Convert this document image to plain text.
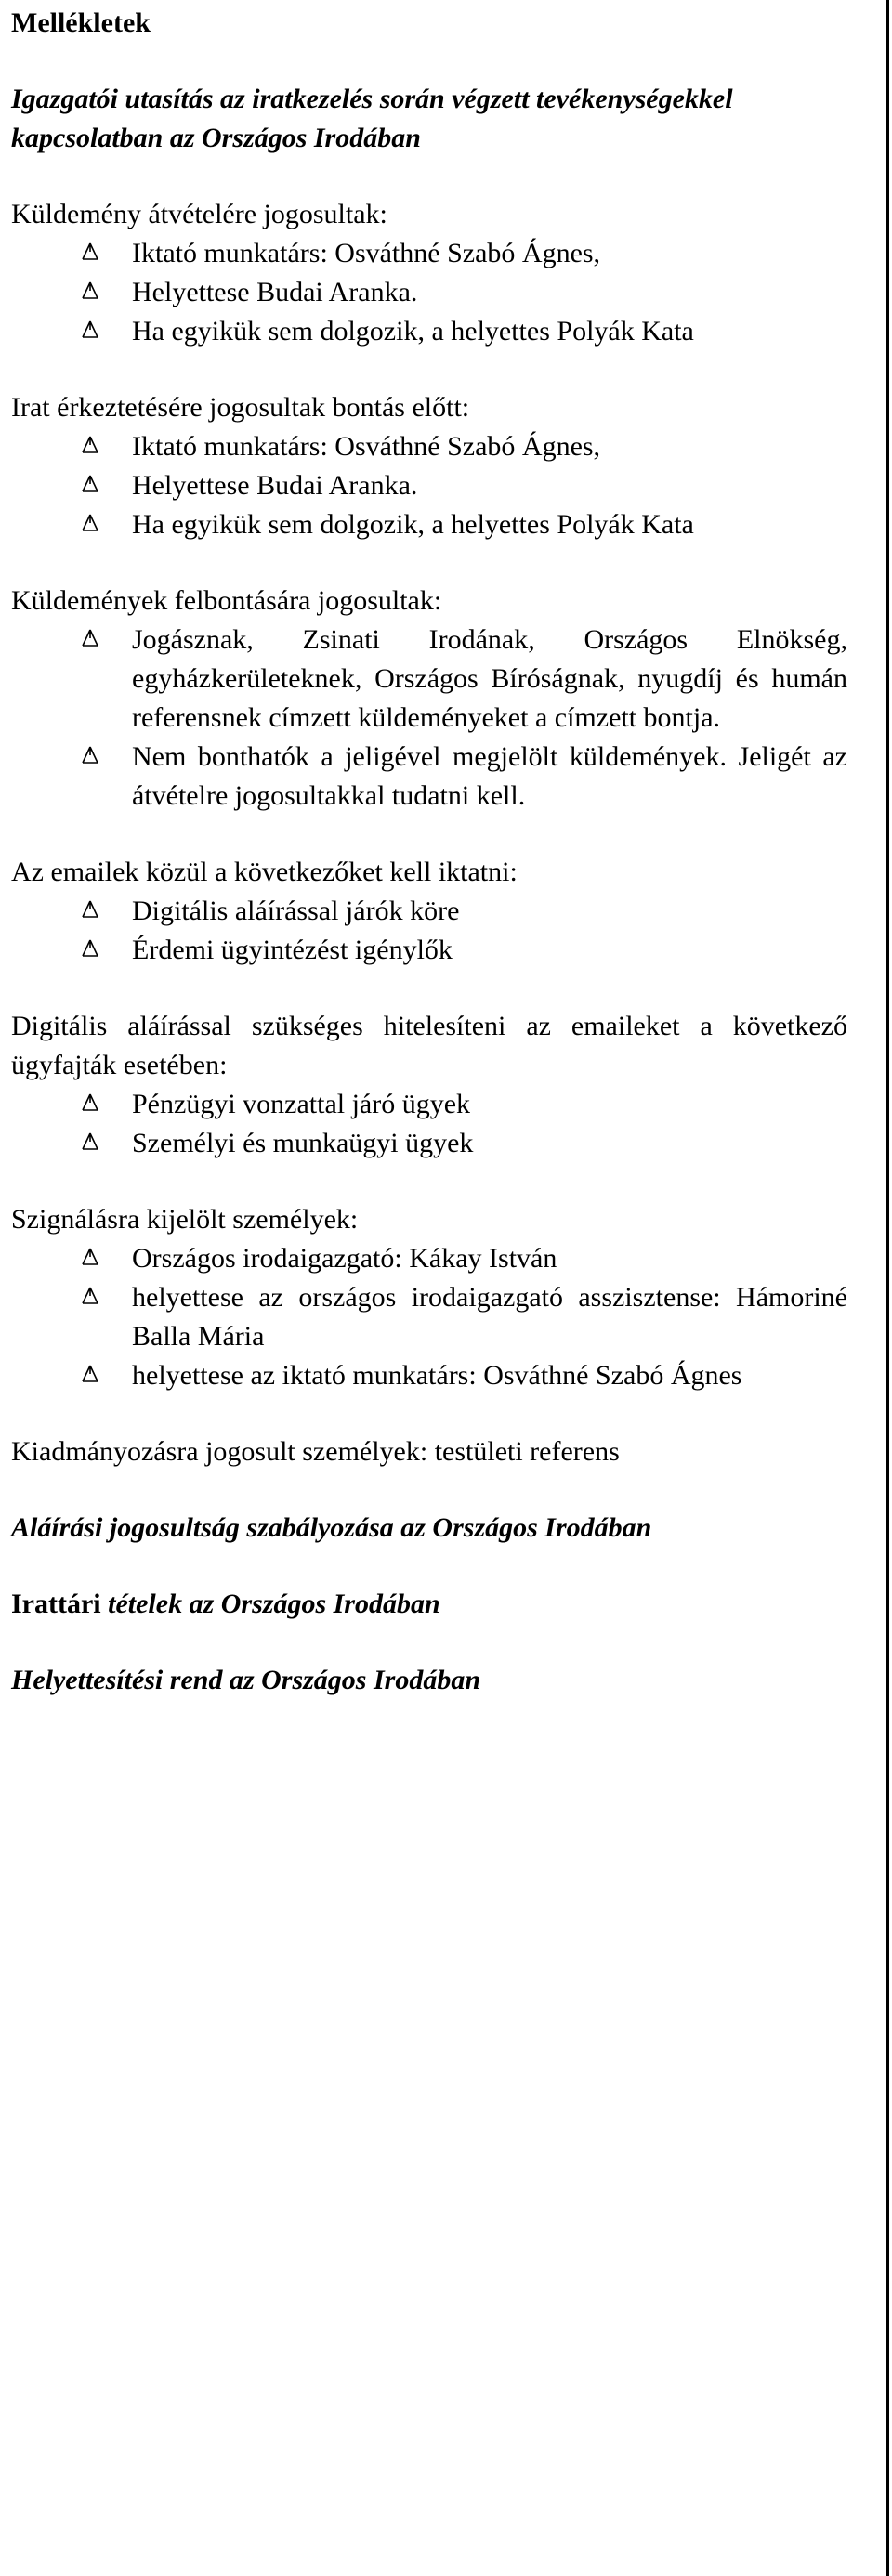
Mellékletek
Igazgatói utasítás az iratkezelés során végzett tevékenységekkel kapcsolatban az Országos Irodában
Küldemény átvételére jogosultak:
Iktató munkatárs: Osváthné Szabó Ágnes,
Helyettese Budai Aranka.
Ha egyikük sem dolgozik, a helyettes Polyák Kata
Irat érkeztetésére jogosultak bontás előtt:
Iktató munkatárs: Osváthné Szabó Ágnes,
Helyettese Budai Aranka.
Ha egyikük sem dolgozik, a helyettes Polyák Kata
Küldemények felbontására jogosultak:
Jogásznak, Zsinati Irodának, Országos Elnökség, egyházkerületeknek, Országos Bíróságnak, nyugdíj és humán referensnek címzett küldeményeket a címzett bontja.
Nem bonthatók a jeligével megjelölt küldemények. Jeligét az átvételre jogosultakkal tudatni kell.
Az emailek közül a következőket kell iktatni:
Digitális aláírással járók köre
Érdemi ügyintézést igénylők
Digitális aláírással szükséges hitelesíteni az emaileket a következő ügyfajták esetében:
Pénzügyi vonzattal járó ügyek
Személyi és munkaügyi ügyek
Szignálásra kijelölt személyek:
Országos irodaigazgató: Kákay István
helyettese az országos irodaigazgató asszisztense: Hámoriné Balla Mária
helyettese az iktató munkatárs: Osváthné Szabó Ágnes
Kiadmányozásra jogosult személyek: testületi referens
Aláírási jogosultság szabályozása az Országos Irodában
Irattári tételek az Országos Irodában
Helyettesítési rend az Országos Irodában
